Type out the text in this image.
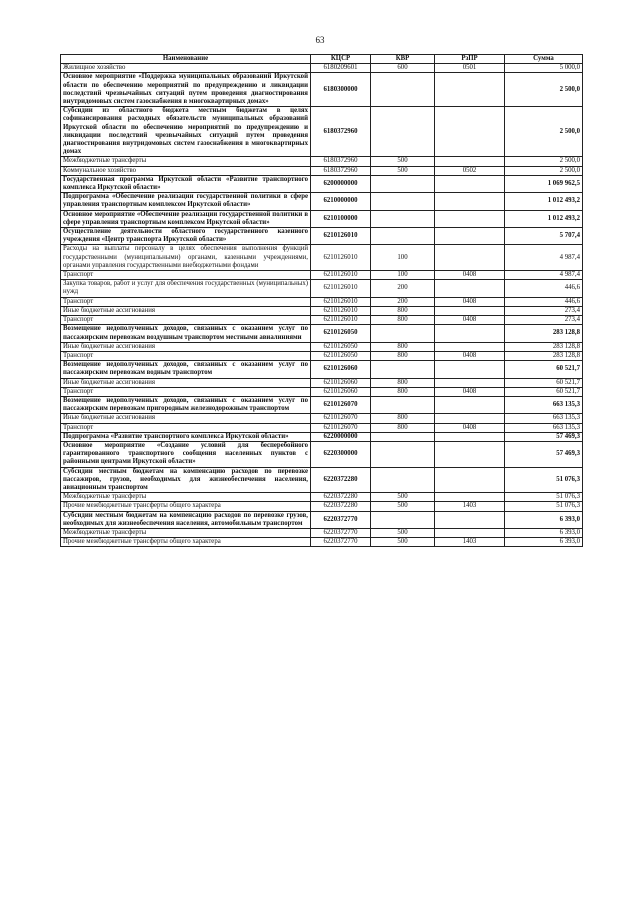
63
Наименование	КЦСР	КВР	РзПР	Сумма
Жилищное хозяйство	6180209601	600	0501	5 000,0
Основное мероприятие «Поддержка муниципальных образований Иркутской области по обеспечению мероприятий по предупреждению и ликвидации последствий чрезвычайных ситуаций путем проведения диагностирования внутридомовых систем газоснабжения в многоквартирных домах»	6180300000			2 500,0
Субсидии из областного бюджета местным бюджетам в целях софинансирования расходных обязательств муниципальных образований Иркутской области по обеспечению мероприятий по предупреждению и ликвидации последствий чрезвычайных ситуаций путем проведения диагностирования внутридомовых систем газоснабжения в многоквартирных домах	6180372960			2 500,0
Межбюджетные трансферты	6180372960	500		2 500,0
Коммунальное хозяйство	6180372960	500	0502	2 500,0
Государственная программа Иркутской области «Развитие транспортного комплекса Иркутской области»	6200000000			1 069 962,5
Подпрограмма «Обеспечение реализации государственной политики в сфере управления транспортным комплексом Иркутской области»	6210000000			1 012 493,2
Основное мероприятие «Обеспечение реализации государственной политики в сфере управления транспортным комплексом Иркутской области»	6210100000			1 012 493,2
Осуществление деятельности областного государственного казенного учреждения «Центр транспорта Иркутской области»	6210126010			5 707,4
Расходы на выплаты персоналу в целях обеспечения выполнения функций государственными (муниципальными) органами, казенными учреждениями, органами управления государственными внебюджетными фондами	6210126010	100		4 987,4
Транспорт	6210126010	100	0408	4 987,4
Закупка товаров, работ и услуг для обеспечения государственных (муниципальных) нужд	6210126010	200		446,6
Транспорт	6210126010	200	0408	446,6
Иные бюджетные ассигнования	6210126010	800		273,4
Транспорт	6210126010	800	0408	273,4
Возмещение недополученных доходов, связанных с оказанием услуг по пассажирским перевозкам воздушным транспортом местными авиалиниями	6210126050			283 128,8
Иные бюджетные ассигнования	6210126050	800		283 128,8
Транспорт	6210126050	800	0408	283 128,8
Возмещение недополученных доходов, связанных с оказанием услуг по пассажирским перевозкам водным транспортом	6210126060			60 521,7
Иные бюджетные ассигнования	6210126060	800		60 521,7
Транспорт	6210126060	800	0408	60 521,7
Возмещение недополученных доходов, связанных с оказанием услуг по пассажирским перевозкам пригородным железнодорожным транспортом	6210126070			663 135,3
Иные бюджетные ассигнования	6210126070	800		663 135,3
Транспорт	6210126070	800	0408	663 135,3
Подпрограмма «Развитие транспортного комплекса Иркутской области»	6220000000			57 469,3
Основное мероприятие «Создание условий для бесперебойного гарантированного транспортного сообщения населенных пунктов с районными центрами Иркутской области»	6220300000			57 469,3
Субсидии местным бюджетам на компенсацию расходов по перевозке пассажиров, грузов, необходимых для жизнеобеспечения населения, авиационным транспортом	6220372280			51 076,3
Межбюджетные трансферты	6220372280	500		51 076,3
Прочие межбюджетные трансферты общего характера	6220372280	500	1403	51 076,3
Субсидии местным бюджетам на компенсацию расходов по перевозке грузов, необходимых для жизнеобеспечения населения, автомобильным транспортом	6220372770			6 393,0
Межбюджетные трансферты	6220372770	500		6 393,0
Прочие межбюджетные трансферты общего характера	6220372770	500	1403	6 393,0
